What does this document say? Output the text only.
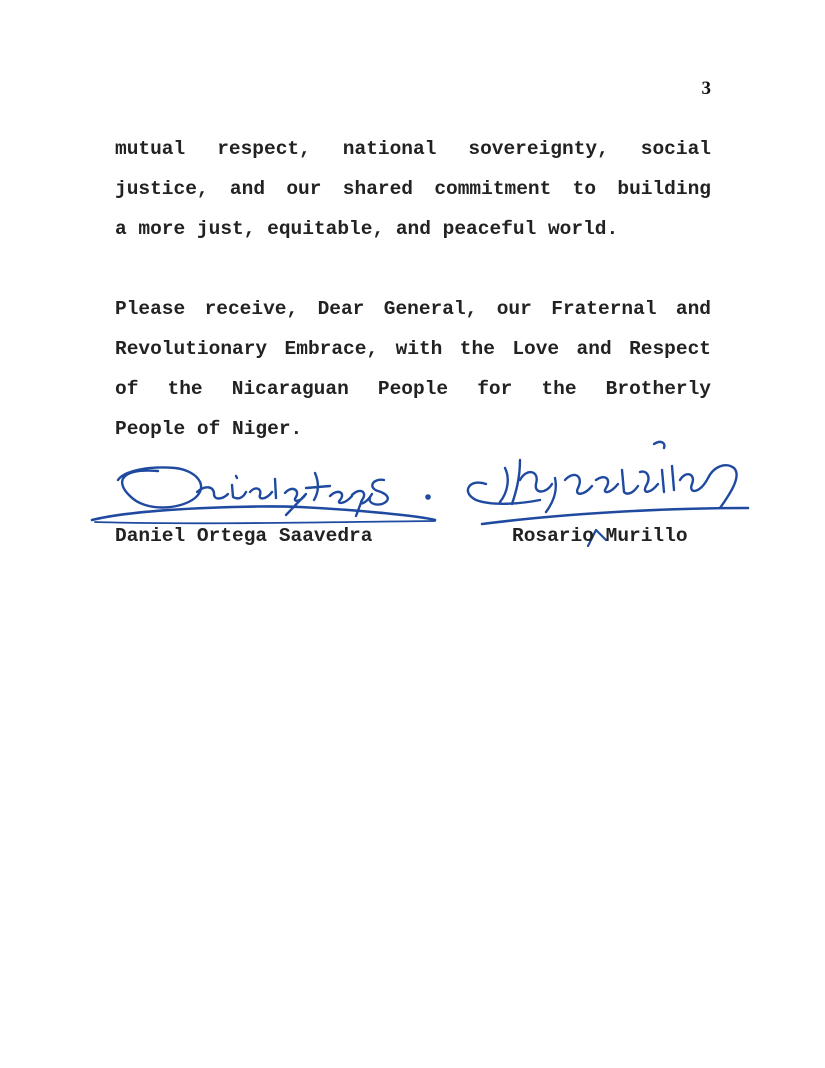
3

mutual respect, national sovereignty, social
justice, and our shared commitment to building
a more just, equitable, and peaceful world.

Please receive, Dear General, our Fraternal and
Revolutionary Embrace, with the Love and Respect
of the Nicaraguan People for the Brotherly
People of Niger.

Daniel Ortega Saavedra	Rosario Murillo
